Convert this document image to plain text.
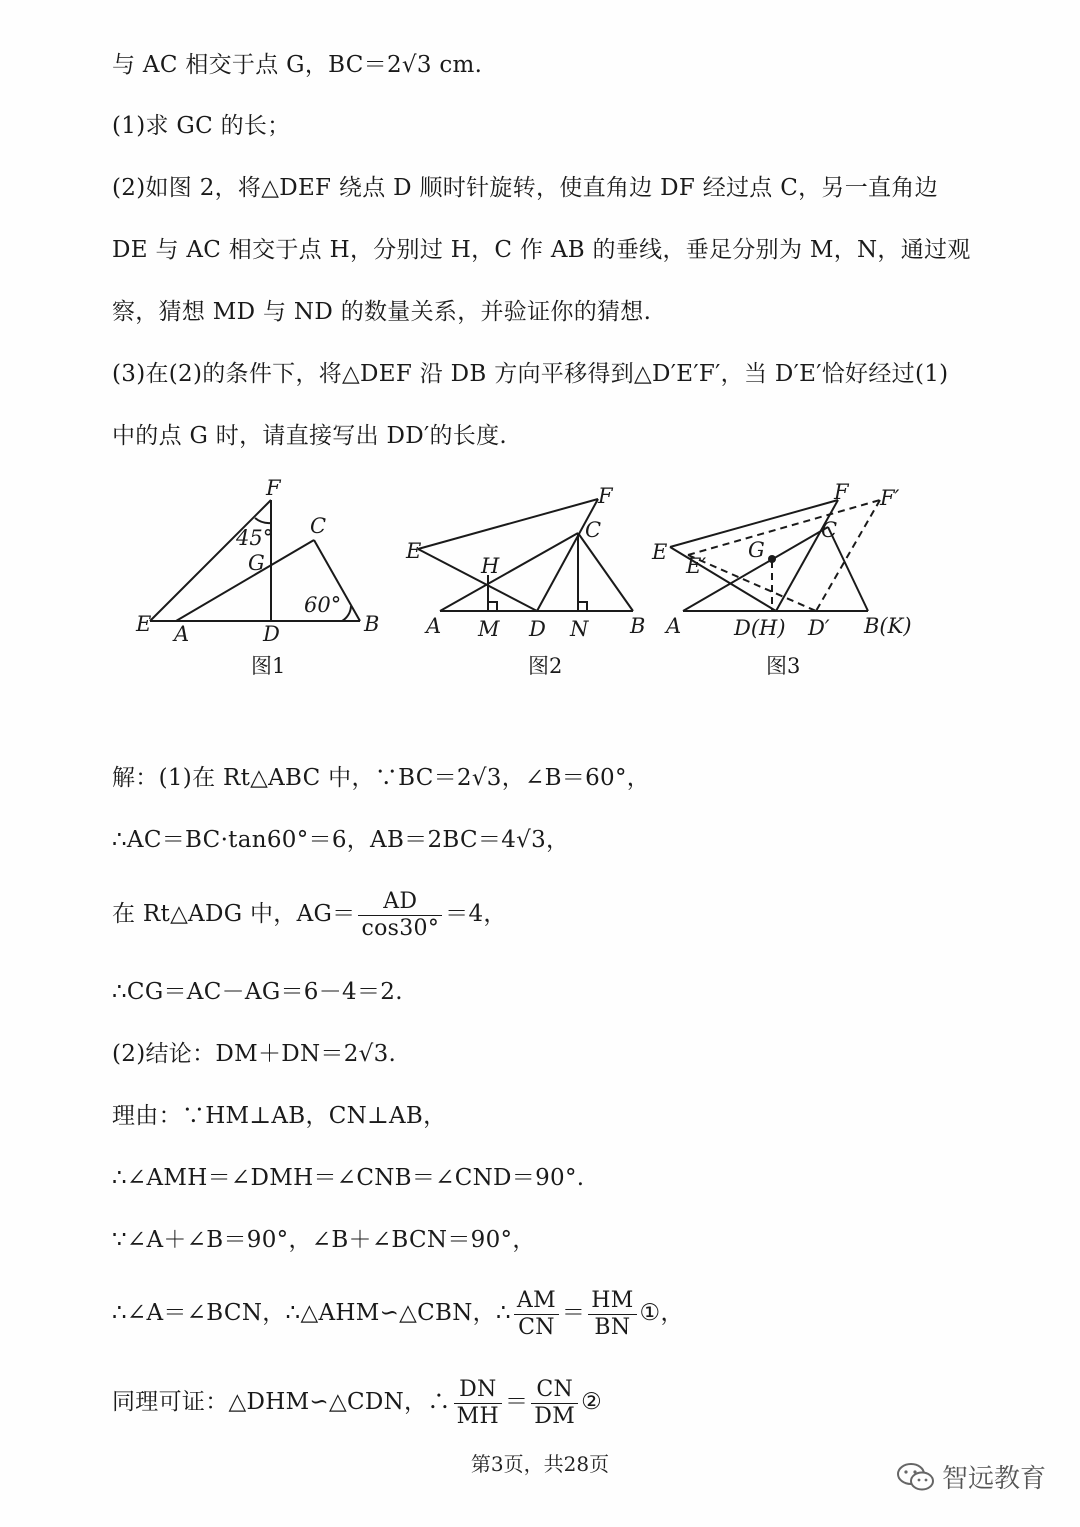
与 AC 相交于点 G，BC＝2√3 cm.
(1)求 GC 的长；
(2)如图 2，将△DEF 绕点 D 顺时针旋转，使直角边 DF 经过点 C，另一直角边
DE 与 AC 相交于点 H，分别过 H，C 作 AB 的垂线，垂足分别为 M，N，通过观
察，猜想 MD 与 ND 的数量关系，并验证你的猜想.
(3)在(2)的条件下，将△DEF 沿 DB 方向平移得到△D′E′F′，当 D′E′恰好经过(1)
中的点 G 时，请直接写出 DD′的长度.
F
C
45°
G
E A	D
60°
B
图1
F
C
E
H
A M D N B
图2
F F′
C
E
E′
G
A	D(H) D′ B(K)
图3
解：(1)在 Rt△ABC 中，∵BC＝2√3，∠B＝60°，
∴AC＝BC·tan60°＝6，AB＝2BC＝4√3，
在 Rt△ADG 中，$AG= \frac{AD}{\cos 30^\circ} =4$，
∴CG＝AC－AG＝6－4＝2.
(2)结论：DM＋DN＝2√3.
理由：∵HM⊥AB，CN⊥AB，
∴∠AMH＝∠DMH＝∠CNB＝∠CND＝90°.
∵∠A＋∠B＝90°，∠B＋∠BCN＝90°，
∴∠A＝∠BCN，∴△AHM∽△CBN，∴ $\frac{AM}{CN} = \frac{HM}{BN}$ ①，
同理可证：△DHM∽△CDN，∴ $\frac{DN}{MH} = \frac{CN}{DM}$ ②
第3页，共28页	智远教育
